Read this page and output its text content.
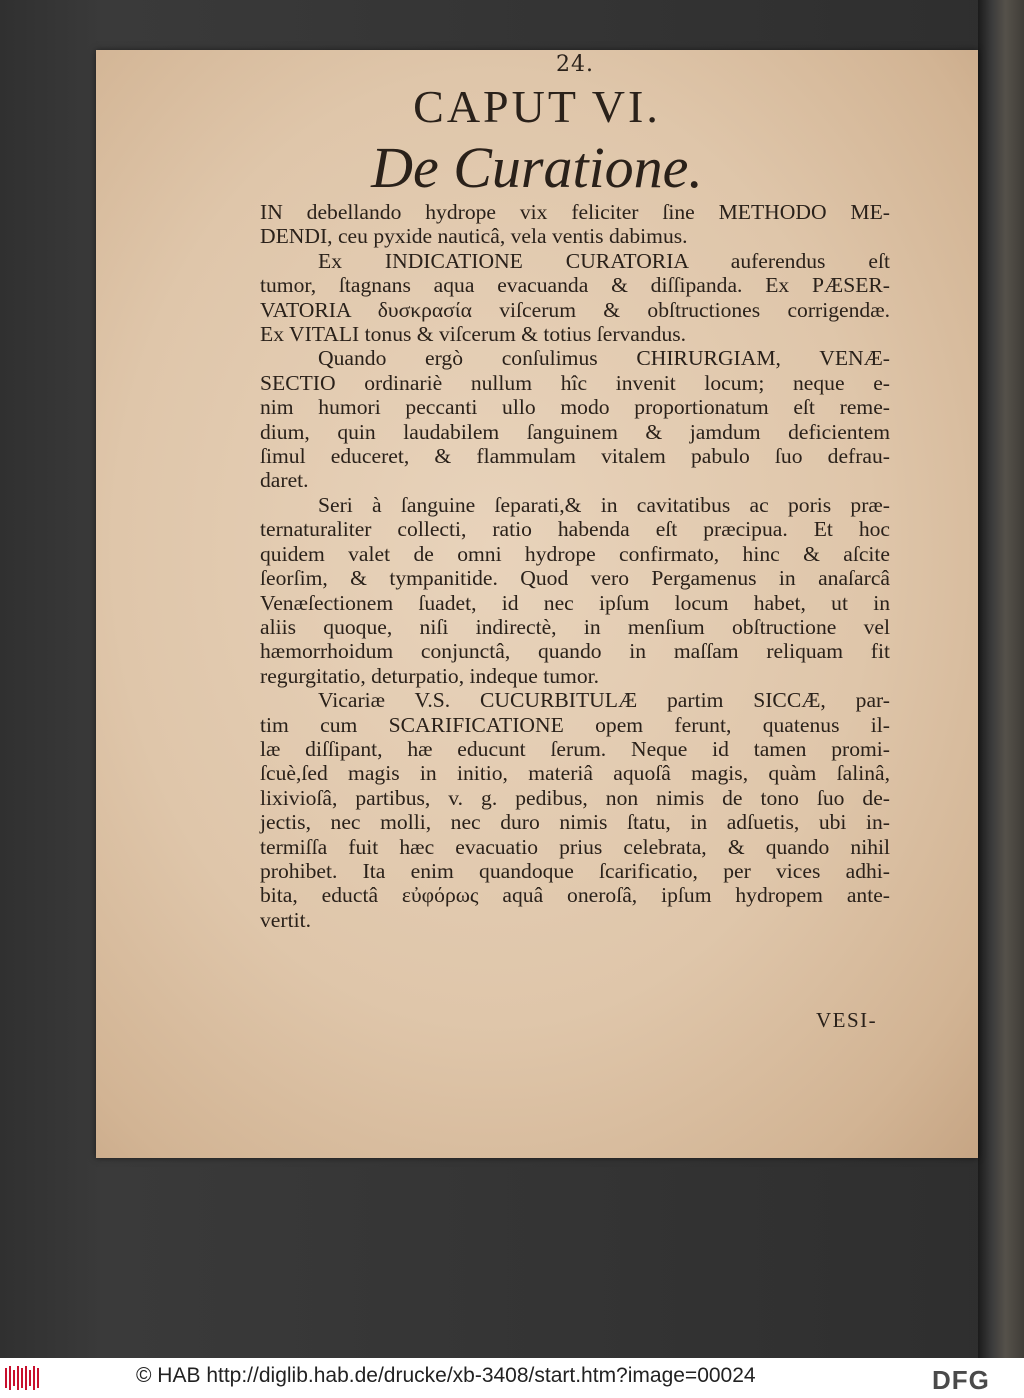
24.
CAPUT VI.
De Curatione.
IN debellando hydrope vix feliciter ſine METHODO ME-
DENDI, ceu pyxide nauticâ, vela ventis dabimus.
Ex INDICATIONE CURATORIA auferendus eſt
tumor, ſtagnans aqua evacuanda & diſſipanda. Ex PÆSER-
VATORIA δυσκρασία viſcerum & obſtructiones corrigendæ.
Ex VITALI tonus & viſcerum & totius ſervandus.
Quando ergò conſulimus CHIRURGIAM, VENÆ-
SECTIO ordinariè nullum hîc invenit locum; neque e-
nim humori peccanti ullo modo proportionatum eſt reme-
dium, quin laudabilem ſanguinem & jamdum deficientem
ſimul educeret, & flammulam vitalem pabulo ſuo defrau-
daret.
Seri à ſanguine ſeparati,& in cavitatibus ac poris præ-
ternaturaliter collecti, ratio habenda eſt præcipua. Et hoc
quidem valet de omni hydrope confirmato, hinc & aſcite
ſeorſim, & tympanitide. Quod vero Pergamenus in anaſarcâ
Venæſectionem ſuadet, id nec ipſum locum habet, ut in
aliis quoque, niſi indirectè, in menſium obſtructione vel
hæmorrhoidum conjunctâ, quando in maſſam reliquam fit
regurgitatio, deturpatio, indeque tumor.
Vicariæ V.S. CUCURBITULÆ partim SICCÆ, par-
tim cum SCARIFICATIONE opem ferunt, quatenus il-
læ diſſipant, hæ educunt ſerum. Neque id tamen promi-
ſcuè,ſed magis in initio, materiâ aquoſâ magis, quàm ſalinâ,
lixivioſâ, partibus, v. g. pedibus, non nimis de tono ſuo de-
jectis, nec molli, nec duro nimis ſtatu, in adſuetis, ubi in-
termiſſa fuit hæc evacuatio prius celebrata, & quando nihil
prohibet. Ita enim quandoque ſcarificatio, per vices adhi-
bita, eductâ εὐφόρως aquâ oneroſâ, ipſum hydropem ante-
vertit.
VESI-
© HAB http://diglib.hab.de/drucke/xb-3408/start.htm?image=00024	DFG
